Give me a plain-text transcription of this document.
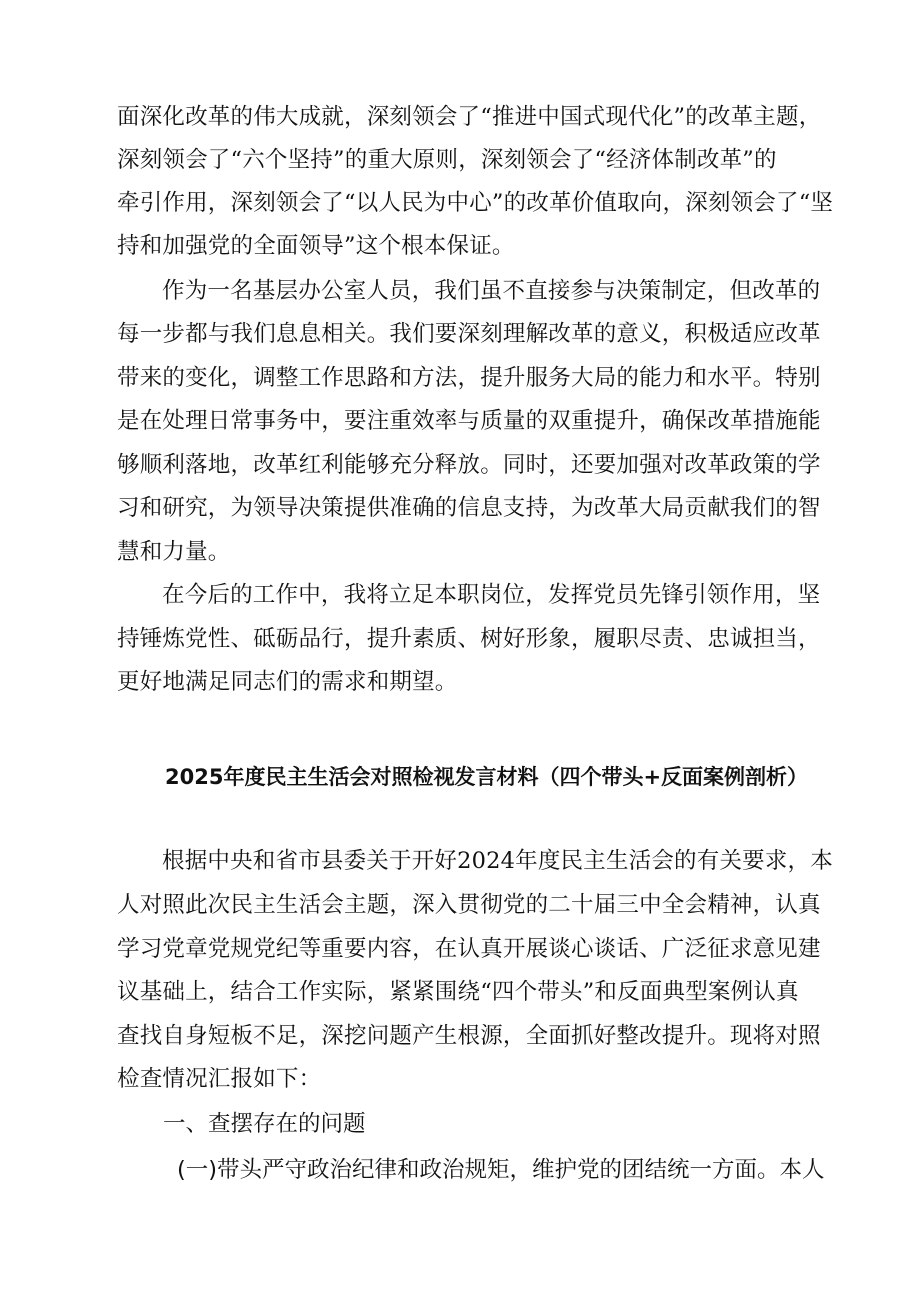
面深化改革的伟大成就，深刻领会了“推进中国式现代化”的改革主题，
深刻领会了“六个坚持”的重大原则，深刻领会了“经济体制改革”的
牵引作用，深刻领会了“以人民为中心”的改革价值取向，深刻领会了“坚
持和加强党的全面领导”这个根本保证。
作为一名基层办公室人员，我们虽不直接参与决策制定，但改革的
每一步都与我们息息相关。我们要深刻理解改革的意义，积极适应改革
带来的变化，调整工作思路和方法，提升服务大局的能力和水平。特别
是在处理日常事务中，要注重效率与质量的双重提升，确保改革措施能
够顺利落地，改革红利能够充分释放。同时，还要加强对改革政策的学
习和研究，为领导决策提供准确的信息支持，为改革大局贡献我们的智
慧和力量。
在今后的工作中，我将立足本职岗位，发挥党员先锋引领作用，坚
持锤炼党性、砥砺品行，提升素质、树好形象，履职尽责、忠诚担当，
更好地满足同志们的需求和期望。
2025年度民主生活会对照检视发言材料（四个带头+反面案例剖析）
根据中央和省市县委关于开好2024年度民主生活会的有关要求，本
人对照此次民主生活会主题，深入贯彻党的二十届三中全会精神，认真
学习党章党规党纪等重要内容，在认真开展谈心谈话、广泛征求意见建
议基础上，结合工作实际，紧紧围绕“四个带头”和反面典型案例认真
查找自身短板不足，深挖问题产生根源，全面抓好整改提升。现将对照
检查情况汇报如下：
一、查摆存在的问题
(一)带头严守政治纪律和政治规矩，维护党的团结统一方面。本人
